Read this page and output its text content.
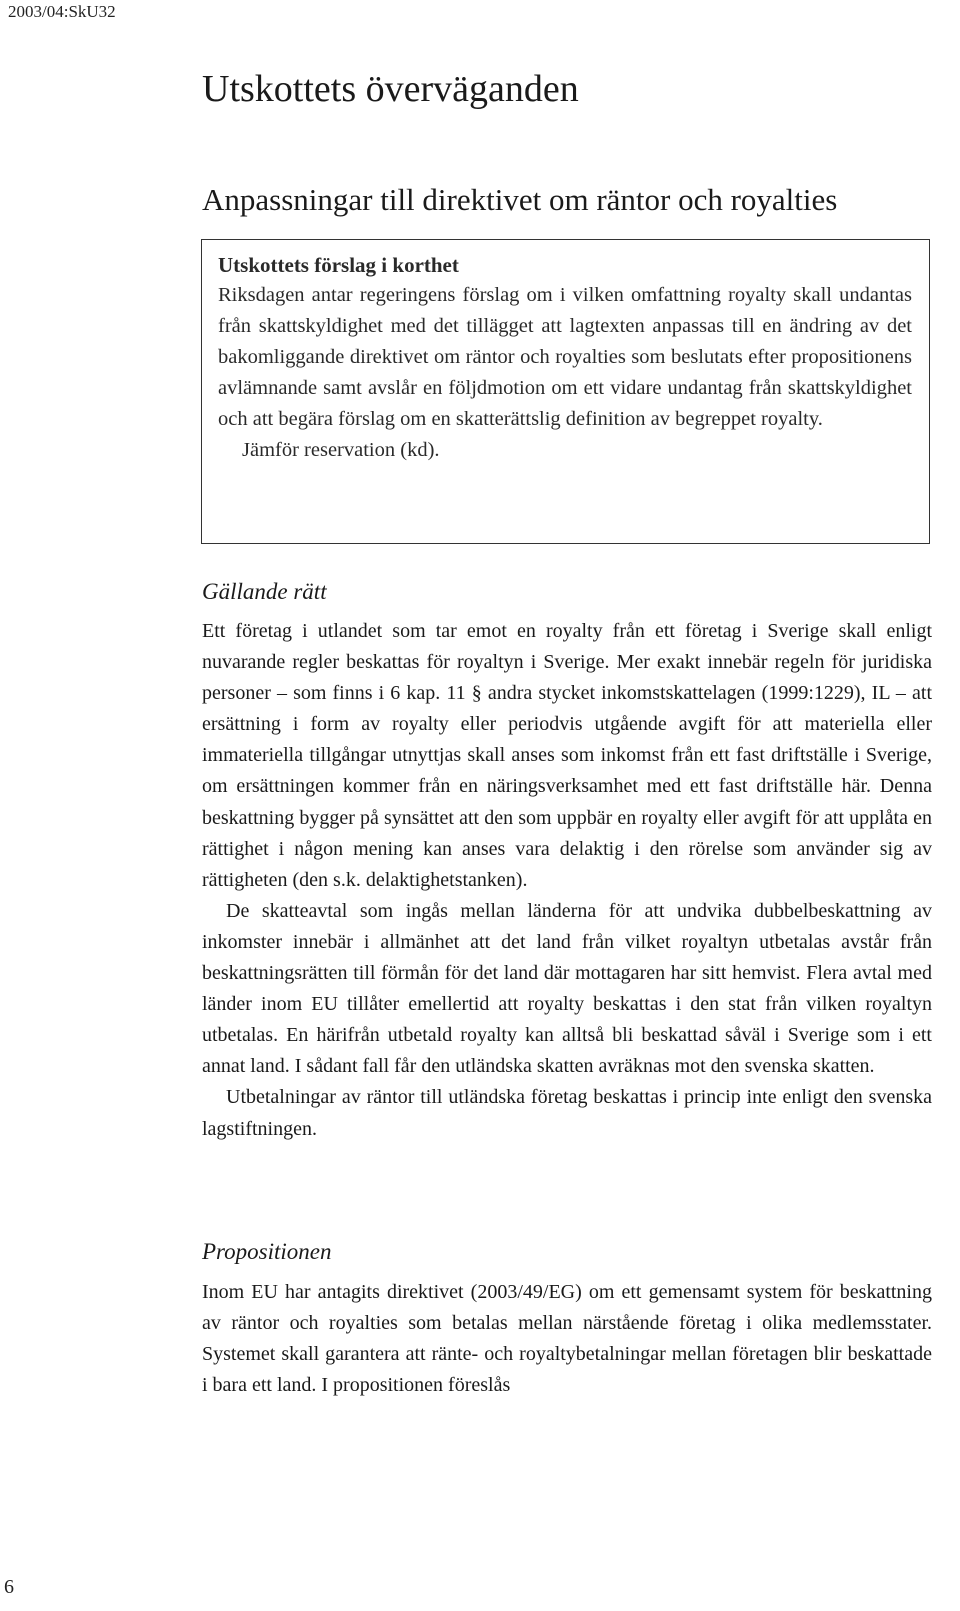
2003/04:SkU32
Utskottets överväganden
Anpassningar till direktivet om räntor och royalties
Utskottets förslag i korthet

Riksdagen antar regeringens förslag om i vilken omfattning royalty skall undantas från skattskyldighet med det tillägget att lagtexten anpassas till en ändring av det bakomliggande direktivet om räntor och royalties som beslutats efter propositionens avlämnande samt avslår en följdmotion om ett vidare undantag från skattskyldighet och att begära förslag om en skatterättslig definition av begreppet royalty.

Jämför reservation (kd).

Gällande rätt

Ett företag i utlandet som tar emot en royalty från ett företag i Sverige skall enligt nuvarande regler beskattas för royaltyn i Sverige. Mer exakt innebär regeln för juridiska personer – som finns i 6 kap. 11 § andra stycket inkomstskattelagen (1999:1229), IL – att ersättning i form av royalty eller periodvis utgående avgift för att materiella eller immateriella tillgångar utnyttjas skall anses som inkomst från ett fast driftställe i Sverige, om ersättningen kommer från en näringsverksamhet med ett fast driftställe här. Denna beskattning bygger på synsättet att den som uppbär en royalty eller avgift för att upplåta en rättighet i någon mening kan anses vara delaktig i den rörelse som använder sig av rättigheten (den s.k. delaktighetstanken).

De skatteavtal som ingås mellan länderna för att undvika dubbelbeskattning av inkomster innebär i allmänhet att det land från vilket royaltyn utbetalas avstår från beskattningsrätten till förmån för det land där mottagaren har sitt hemvist. Flera avtal med länder inom EU tillåter emellertid att royalty beskattas i den stat från vilken royaltyn utbetalas. En härifrån utbetald royalty kan alltså bli beskattad såväl i Sverige som i ett annat land. I sådant fall får den utländska skatten avräknas mot den svenska skatten.

Utbetalningar av räntor till utländska företag beskattas i princip inte enligt den svenska lagstiftningen.

Propositionen

Inom EU har antagits direktivet (2003/49/EG) om ett gemensamt system för beskattning av räntor och royalties som betalas mellan närstående företag i olika medlemsstater. Systemet skall garantera att ränte- och royaltybetalningar mellan företagen blir beskattade i bara ett land. I propositionen föreslås

6
